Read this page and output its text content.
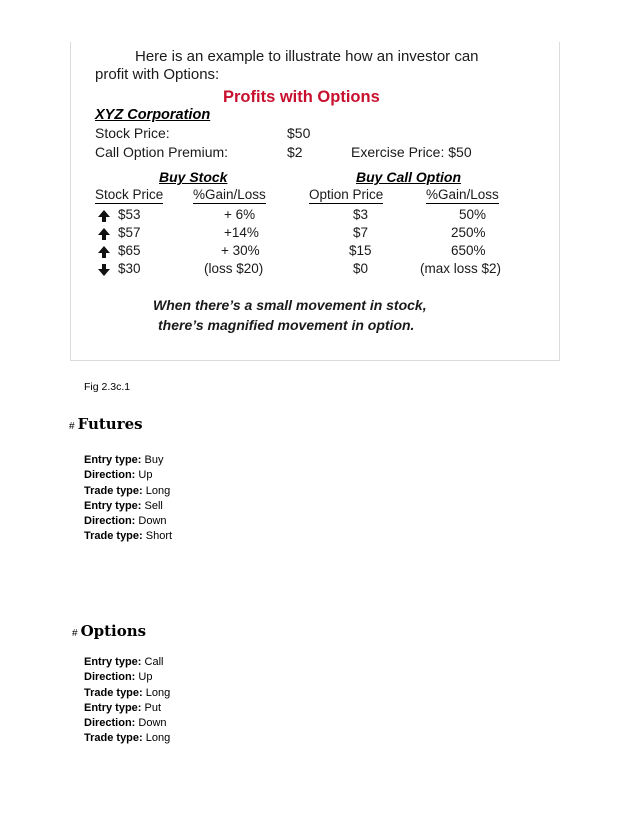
Here is an example to illustrate how an investor can
profit with Options:
Profits with Options
XYZ Corporation
Stock Price:	$50
Call Option Premium:	$2	Exercise Price: $50
Buy Stock	Buy Call Option
Stock Price %Gain/Loss	Option Price	%Gain/Loss
$53	+ 6%	$3	50%
$57	+14%	$7	250%
$65	+ 30%	$15	650%
$30	(loss $20)	$0	(max loss $2)
When there’s a small movement in stock,
there’s magnified movement in option.
Fig 2.3c.1
# Futures
Entry type: Buy
Direction: Up
Trade type: Long
Entry type: Sell
Direction: Down
Trade type: Short
# Options
Entry type: Call
Direction: Up
Trade type: Long
Entry type: Put
Direction: Down
Trade type: Long
